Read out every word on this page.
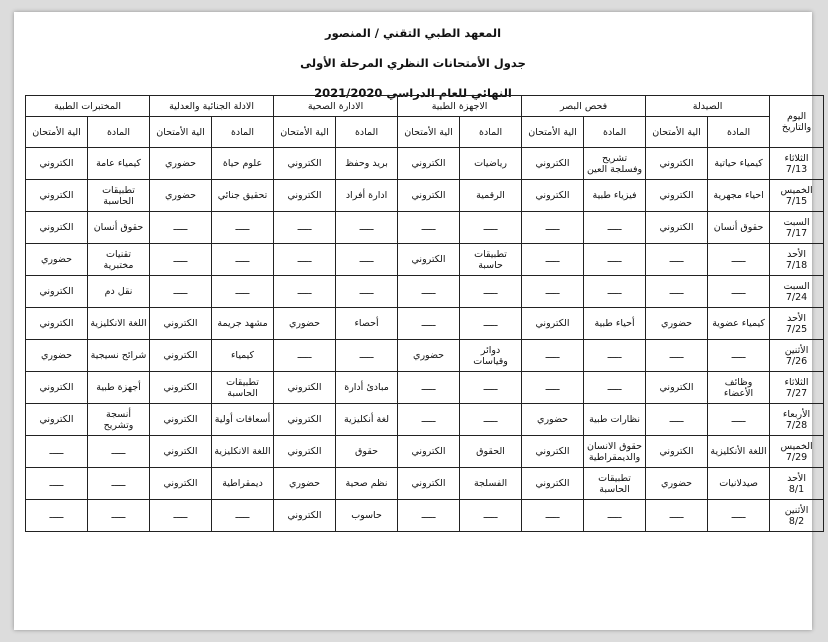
المعهد الطبي التقني / المنصور
جدول الأمتحانات النظري المرحلة الأولى
النهائي للعام الدراسي 2021/2020
اليوم والتاريخ	الصيدلة		فحص البصر		الاجهزة الطبية		الادارة الصحية		الادلة الجنائية والعدلية		المختبرات الطبية	
	المادة	الية الأمتحان	المادة	الية الأمتحان	المادة	الية الأمتحان	المادة	الية الأمتحان	المادة	الية الأمتحان	المادة	الية الأمتحان

الثلاثاء
7/13	كيمياء حياتية	الكتروني	تشريح وفسلجة العين	الكتروني	رياضيات	الكتروني	بريد وحفظ	الكتروني	علوم حياة	حضوري	كيمياء عامة	الكتروني

الخميس
7/15	احياء مجهرية	الكتروني	فيزياء طبية	الكتروني	الرقمية	الكتروني	ادارة أفراد	الكتروني	تحقيق جنائي	حضوري	تطبيقات الحاسبة	الكتروني

السبت
7/17	حقوق أنسان	الكتروني	ـــــ	ـــــ	ـــــ	ـــــ	ـــــ	ـــــ	ـــــ	ـــــ	حقوق أنسان	الكتروني

الأحد
7/18	ـــــ	ـــــ	ـــــ	ـــــ	تطبيقات حاسبة	الكتروني	ـــــ	ـــــ	ـــــ	ـــــ	تقنيات مختبرية	حضوري

السبت
7/24	ـــــ	ـــــ	ـــــ	ـــــ	ـــــ	ـــــ	ـــــ	ـــــ	ـــــ	ـــــ	نقل دم	الكتروني

الأحد
7/25	كيمياء عضوية	حضوري	أحياء طبية	الكتروني	ـــــ	ـــــ	أحصاء	حضوري	مشهد جريمة	الكتروني	اللغة الانكليزية	الكتروني

الأثنين
7/26	ـــــ	ـــــ	ـــــ	ـــــ	دوائر وقياسات	حضوري	ـــــ	ـــــ	كيمياء	الكتروني	شرائح نسيجية	حضوري

الثلاثاء
7/27	وظائف الأعضاء	الكتروني	ـــــ	ـــــ	ـــــ	ـــــ	مبادئ أدارة	الكتروني	تطبيقات الحاسبة	الكتروني	أجهزة طبية	الكتروني

الأربعاء
7/28	ـــــ	ـــــ	نظارات طبية	حضوري	ـــــ	ـــــ	لغة أنكليزية	الكتروني	أسعافات أولية	الكتروني	أنسجة وتشريح	الكتروني

الخميس
7/29	اللغة الأنكليزية	الكتروني	حقوق الانسان والديمقراطية	الكتروني	الحقوق	الكتروني	حقوق	الكتروني	اللغة الانكليزية	الكتروني	ـــــ	ـــــ

الأحد
8/1	صيدلانيات	حضوري	تطبيقات الحاسبة	الكتروني	الفسلجة	الكتروني	نظم صحية	حضوري	ديمقراطية	الكتروني	ـــــ	ـــــ

الأثنين
8/2	ـــــ	ـــــ	ـــــ	ـــــ	ـــــ	ـــــ	حاسوب	الكتروني	ـــــ	ـــــ	ـــــ	ـــــ
